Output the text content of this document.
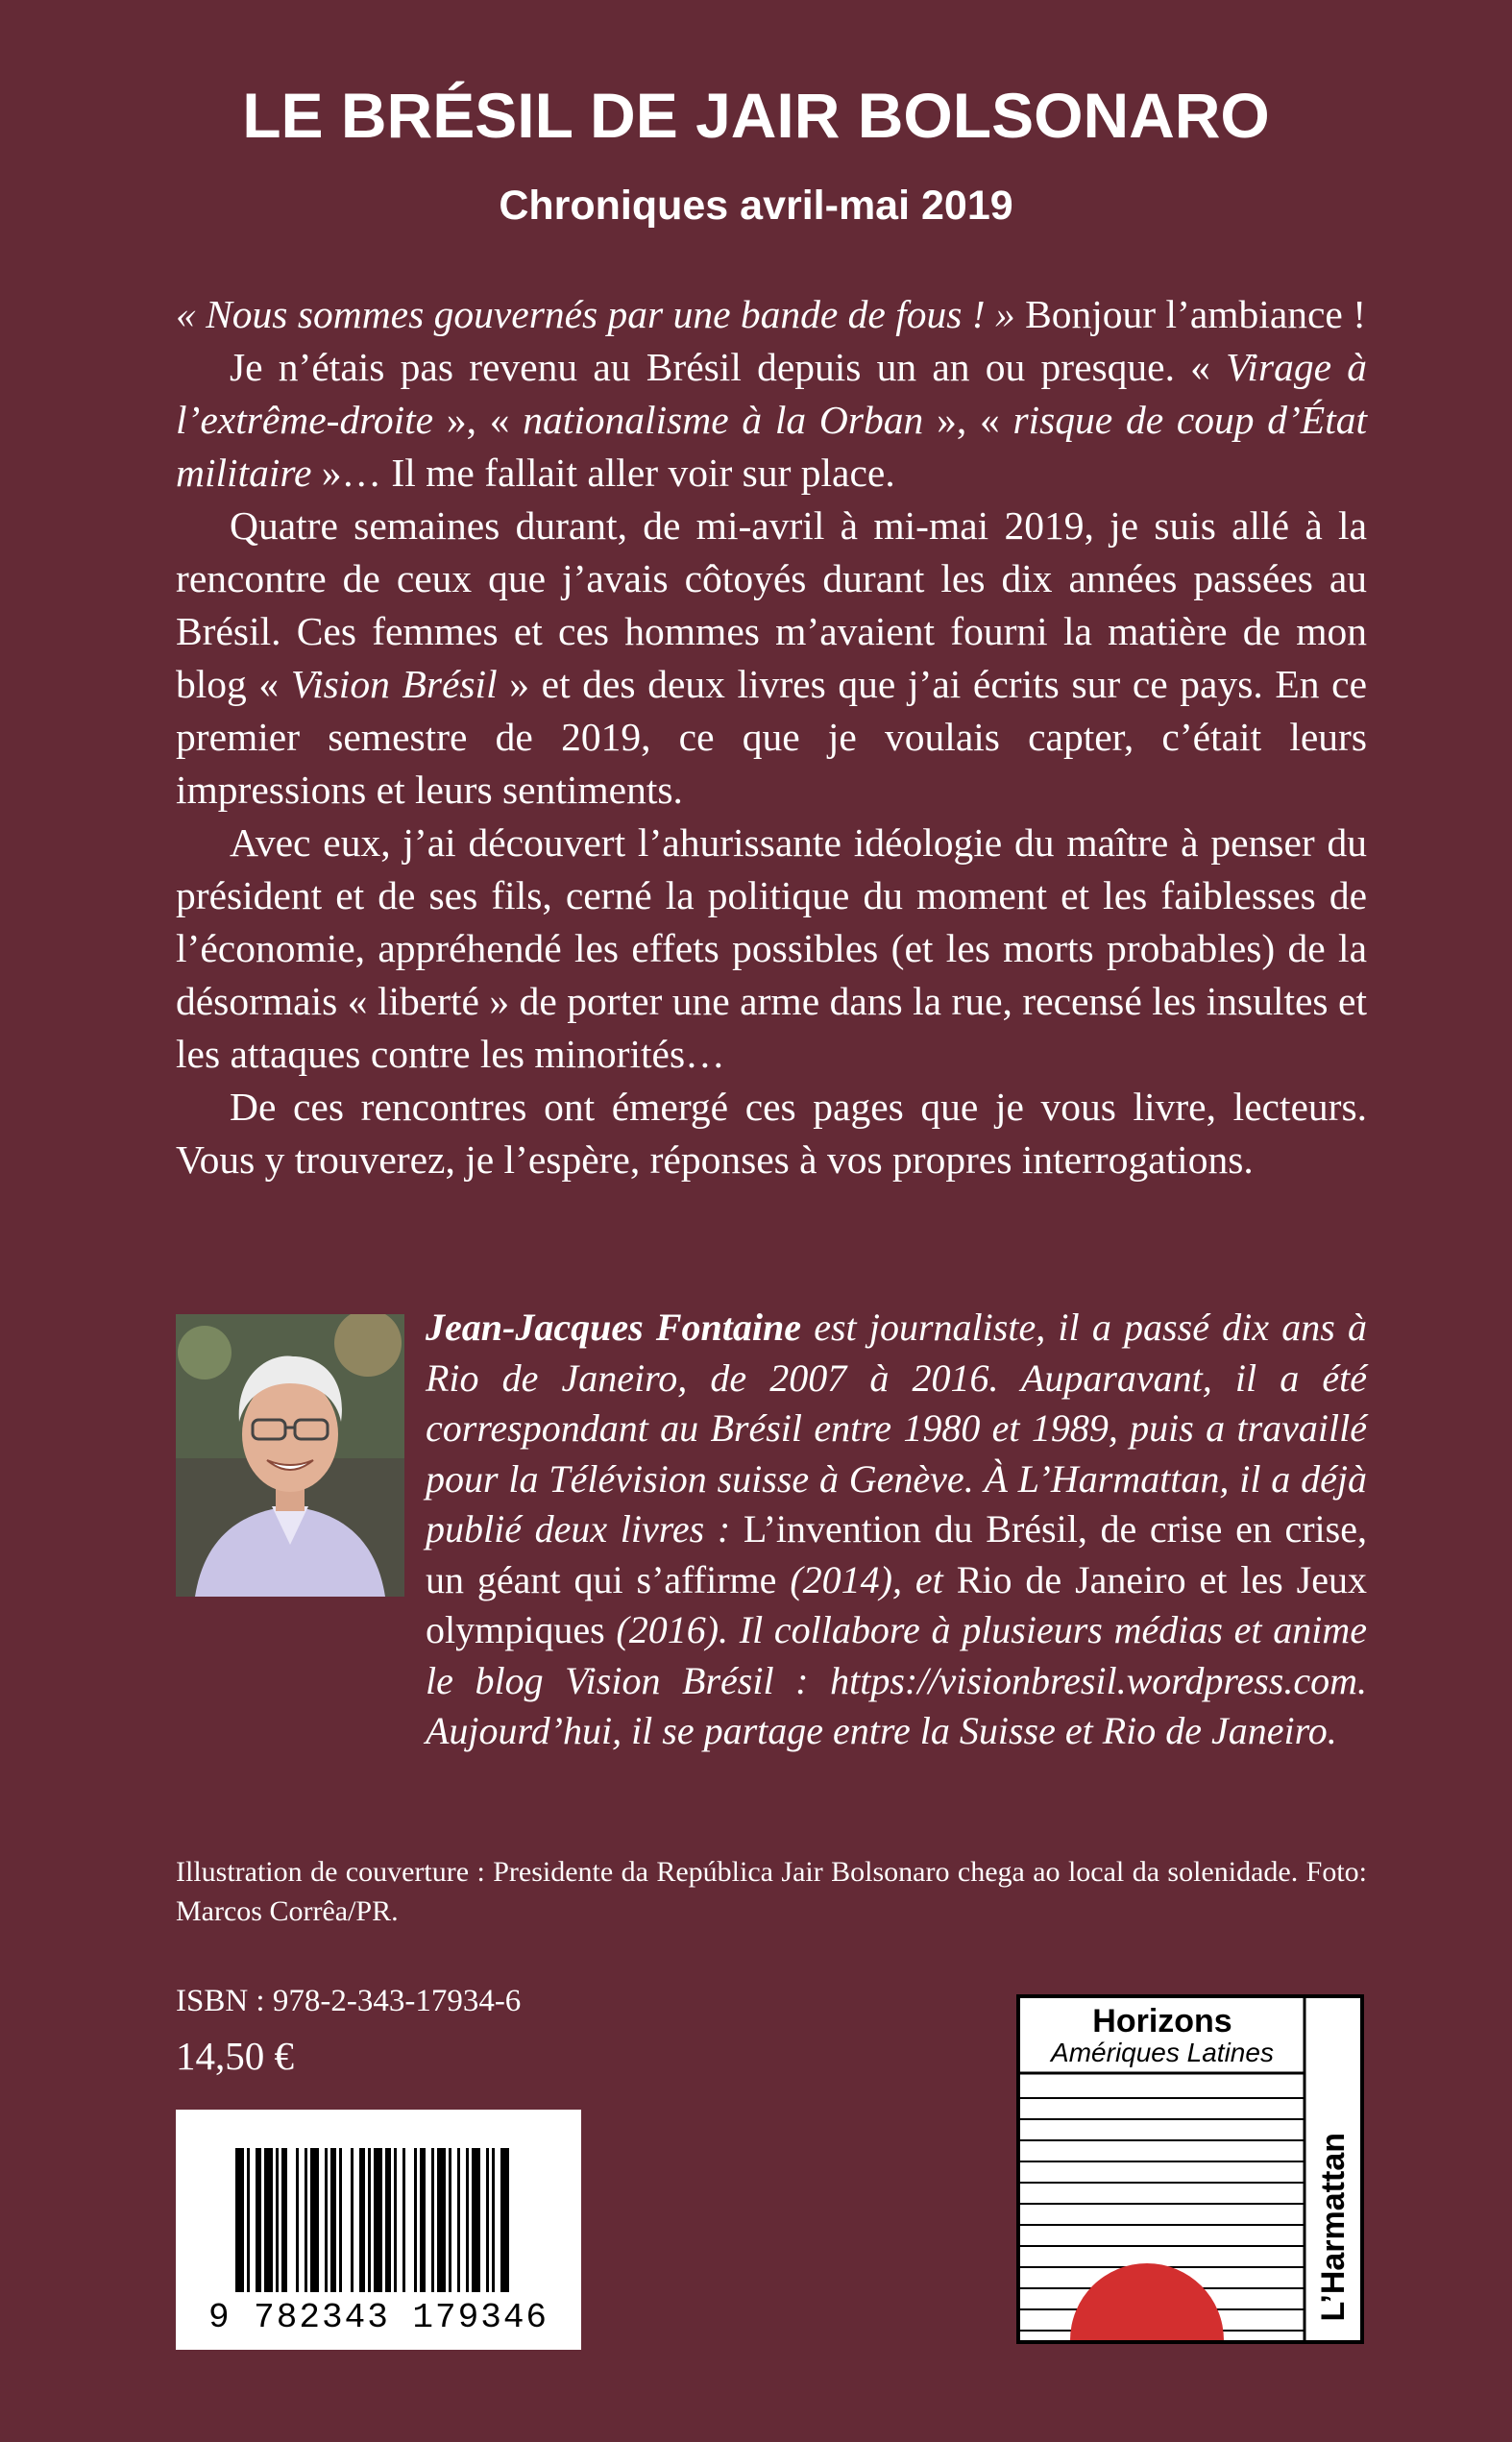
LE BRÉSIL DE JAIR BOLSONARO
Chroniques avril-mai 2019

« Nous sommes gouvernés par une bande de fous ! » Bonjour l’ambiance !

Je n’étais pas revenu au Brésil depuis un an ou presque. « Virage à l’extrême-droite », « nationalisme à la Orban », « risque de coup d’État militaire »… Il me fallait aller voir sur place.

Quatre semaines durant, de mi-avril à mi-mai 2019, je suis allé à la rencontre de ceux que j’avais côtoyés durant les dix années passées au Brésil. Ces femmes et ces hommes m’avaient fourni la matière de mon blog « Vision Brésil » et des deux livres que j’ai écrits sur ce pays. En ce premier semestre de 2019, ce que je voulais capter, c’était leurs impressions et leurs sentiments.

Avec eux, j’ai découvert l’ahurissante idéologie du maître à penser du président et de ses fils, cerné la politique du moment et les faiblesses de l’économie, appréhendé les effets possibles (et les morts probables) de la désormais « liberté » de porter une arme dans la rue, recensé les insultes et les attaques contre les minorités…

De ces rencontres ont émergé ces pages que je vous livre, lecteurs. Vous y trouverez, je l’espère, réponses à vos propres interrogations.

Jean-Jacques Fontaine est journaliste, il a passé dix ans à Rio de Janeiro, de 2007 à 2016. Auparavant, il a été correspondant au Brésil entre 1980 et 1989, puis a travaillé pour la Télévision suisse à Genève. À L’Harmattan, il a déjà publié deux livres : L’invention du Brésil, de crise en crise, un géant qui s’affirme (2014), et Rio de Janeiro et les Jeux olympiques (2016). Il collabore à plusieurs médias et anime le blog Vision Brésil : https://visionbresil.wordpress.com. Aujourd’hui, il se partage entre la Suisse et Rio de Janeiro.
Illustration de couverture : Presidente da República Jair Bolsonaro chega ao local da solenidade. Foto: Marcos Corrêa/PR.
ISBN : 978-2-343-17934-6
14,50 €
9 782343 179346
Horizons
Amériques Latines
L’Harmattan
